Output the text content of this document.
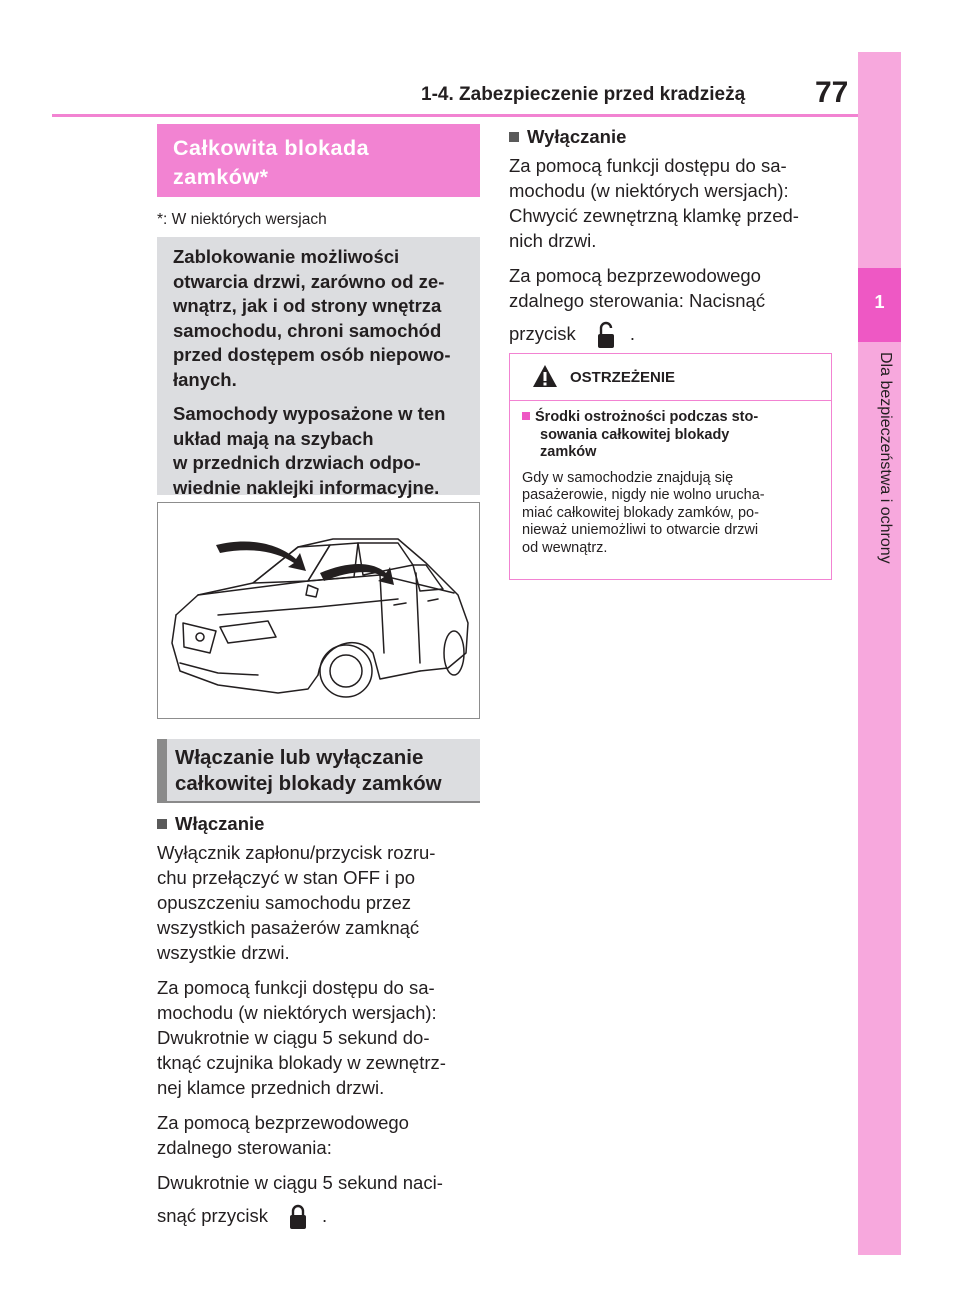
1-4. Zabezpieczenie przed kradzieżą 77
1
Dla bezpieczeństwa i ochrony
Całkowita blokada
zamków*
*: W niektórych wersjach
Zablokowanie możliwości
otwarcia drzwi, zarówno od ze-
wnątrz, jak i od strony wnętrza
samochodu, chroni samochód
przed dostępem osób niepowo-
łanych.
Samochody wyposażone w ten
układ mają na szybach
w przednich drzwiach odpo-
wiednie naklejki informacyjne.
Włączanie lub wyłączanie
całkowitej blokady zamków
Włączanie
Wyłącznik zapłonu/przycisk rozru-
chu przełączyć w stan OFF i po
opuszczeniu samochodu przez
wszystkich pasażerów zamknąć
wszystkie drzwi.
Za pomocą funkcji dostępu do sa-
mochodu (w niektórych wersjach):
Dwukrotnie w ciągu 5 sekund do-
tknąć czujnika blokady w zewnętrz-
nej klamce przednich drzwi.
Za pomocą bezprzewodowego
zdalnego sterowania:
Dwukrotnie w ciągu 5 sekund naci-
snąć przycisk	.
Wyłączanie
Za pomocą funkcji dostępu do sa-
mochodu (w niektórych wersjach):
Chwycić zewnętrzną klamkę przed-
nich drzwi.
Za pomocą bezprzewodowego
zdalnego sterowania: Nacisnąć
przycisk	.
OSTRZEŻENIE
Środki ostrożności podczas sto-
sowania całkowitej blokady
zamków
Gdy w samochodzie znajdują się
pasażerowie, nigdy nie wolno urucha-
miać całkowitej blokady zamków, po-
nieważ uniemożliwi to otwarcie drzwi
od wewnątrz.
